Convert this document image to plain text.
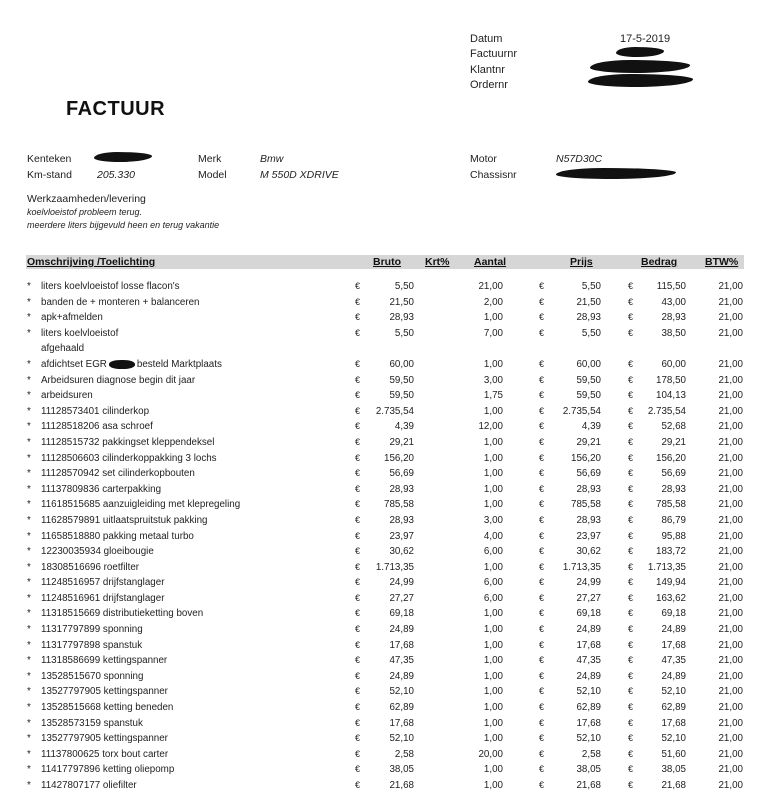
Datum	17-5-2019
Factuurnr
Klantnr
Ordernr
FACTUUR
Kenteken
Km-stand 205.330
Merk	Bmw
Model	M 550D XDRIVE
Motor	N57D30C
Chassisnr
Werkzaamheden/levering
koelvloeistof probleem terug.
meerdere liters bijgevuld heen en terug vakantie
Omschrijving /Toelichting	Bruto Krt% Aantal	Prijs	Bedrag	BTW%
* liters koelvloeistof losse flacon's	€	5,50	21,00	€	5,50	€ 115,50	21,00
* banden de + monteren + balanceren	€	21,50	2,00	€	21,50	€	43,00	21,00
* apk+afmelden	€	28,93	1,00	€	28,93	€	28,93	21,00
* liters koelvloeistof	€	5,50	7,00	€	5,50	€	38,50	21,00
afgehaald
* afdichtset EGR	besteld Marktplaats	€	60,00	1,00	€	60,00	€	60,00	21,00
* Arbeidsuren diagnose begin dit jaar	€	59,50	3,00	€	59,50	€ 178,50	21,00
* arbeidsuren	€	59,50	1,75	€	59,50	€ 104,13	21,00
* 11128573401 cilinderkop	€ 2.735,54	1,00	€ 2.735,54	€ 2.735,54	21,00
* 11128518206 asa schroef	€	4,39	12,00	€	4,39	€	52,68	21,00
* 11128515732 pakkingset kleppendeksel	€	29,21	1,00	€	29,21	€	29,21	21,00
* 11128506603 cilinderkoppakking 3 lochs	€ 156,20	1,00	€	156,20	€ 156,20	21,00
* 11128570942 set cilinderkopbouten	€	56,69	1,00	€	56,69	€	56,69	21,00
* 11137809836 carterpakking	€	28,93	1,00	€	28,93	€	28,93	21,00
* 11618515685 aanzuigleiding met klepregeling	€ 785,58	1,00	€	785,58	€ 785,58	21,00
* 11628579891 uitlaatspruitstuk pakking	€	28,93	3,00	€	28,93	€	86,79	21,00
* 11658518880 pakking metaal turbo	€	23,97	4,00	€	23,97	€	95,88	21,00
* 12230035934 gloeibougie	€	30,62	6,00	€	30,62	€ 183,72	21,00
* 18308516696 roetfilter	€ 1.713,35	1,00	€ 1.713,35	€ 1.713,35	21,00
* 11248516957 drijfstanglager	€	24,99	6,00	€	24,99	€ 149,94	21,00
* 11248516961 drijfstanglager	€	27,27	6,00	€	27,27	€ 163,62	21,00
* 11318515669 distributieketting boven	€	69,18	1,00	€	69,18	€	69,18	21,00
* 11317797899 sponning	€	24,89	1,00	€	24,89	€	24,89	21,00
* 11317797898 spanstuk	€	17,68	1,00	€	17,68	€	17,68	21,00
* 11318586699 kettingspanner	€	47,35	1,00	€	47,35	€	47,35	21,00
* 13528515670 sponning	€	24,89	1,00	€	24,89	€	24,89	21,00
* 13527797905 kettingspanner	€	52,10	1,00	€	52,10	€	52,10	21,00
* 13528515668 ketting beneden	€	62,89	1,00	€	62,89	€	62,89	21,00
* 13528573159 spanstuk	€	17,68	1,00	€	17,68	€	17,68	21,00
* 13527797905 kettingspanner	€	52,10	1,00	€	52,10	€	52,10	21,00
* 11137800625 torx bout carter	€	2,58	20,00	€	2,58	€	51,60	21,00
* 11417797896 ketting oliepomp	€	38,05	1,00	€	38,05	€	38,05	21,00
* 11427807177 oliefilter	€	21,68	1,00	€	21,68	€	21,68	21,00
